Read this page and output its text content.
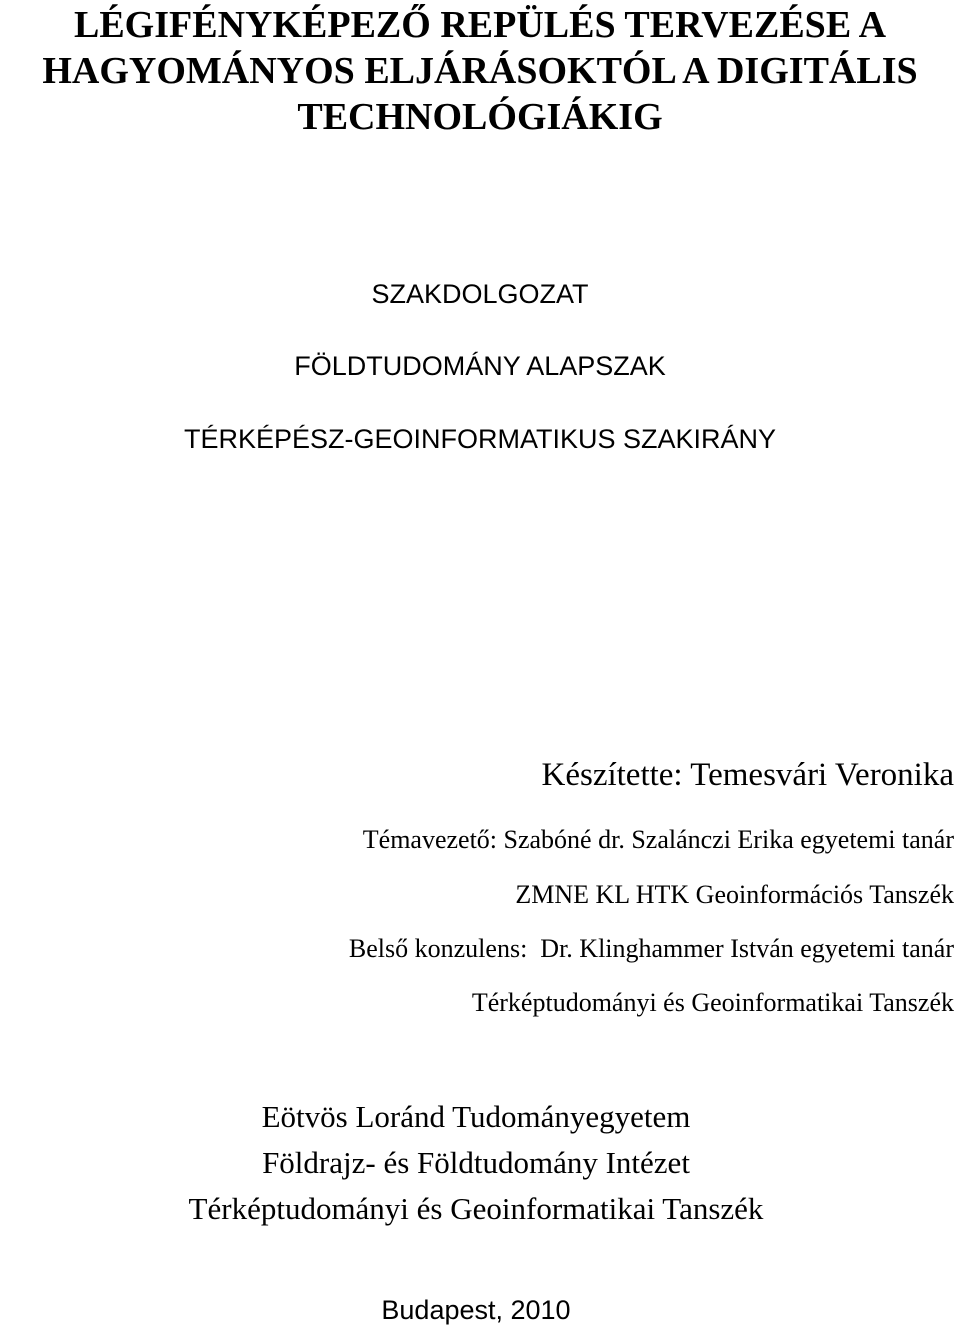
LÉGIFÉNYKÉPEZŐ REPÜLÉS TERVEZÉSE A
HAGYOMÁNYOS ELJÁRÁSOKTÓL A DIGITÁLIS
TECHNOLÓGIÁKIG
SZAKDOLGOZAT
FÖLDTUDOMÁNY ALAPSZAK
TÉRKÉPÉSZ-GEOINFORMATIKUS SZAKIRÁNY
Készítette: Temesvári Veronika
Témavezető: Szabóné dr. Szalánczi Erika egyetemi tanár
ZMNE KL HTK Geoinformációs Tanszék
Belső konzulens:  Dr. Klinghammer István egyetemi tanár
Térképtudományi és Geoinformatikai Tanszék
Eötvös Loránd Tudományegyetem
Földrajz- és Földtudomány Intézet
Térképtudományi és Geoinformatikai Tanszék
Budapest, 2010
